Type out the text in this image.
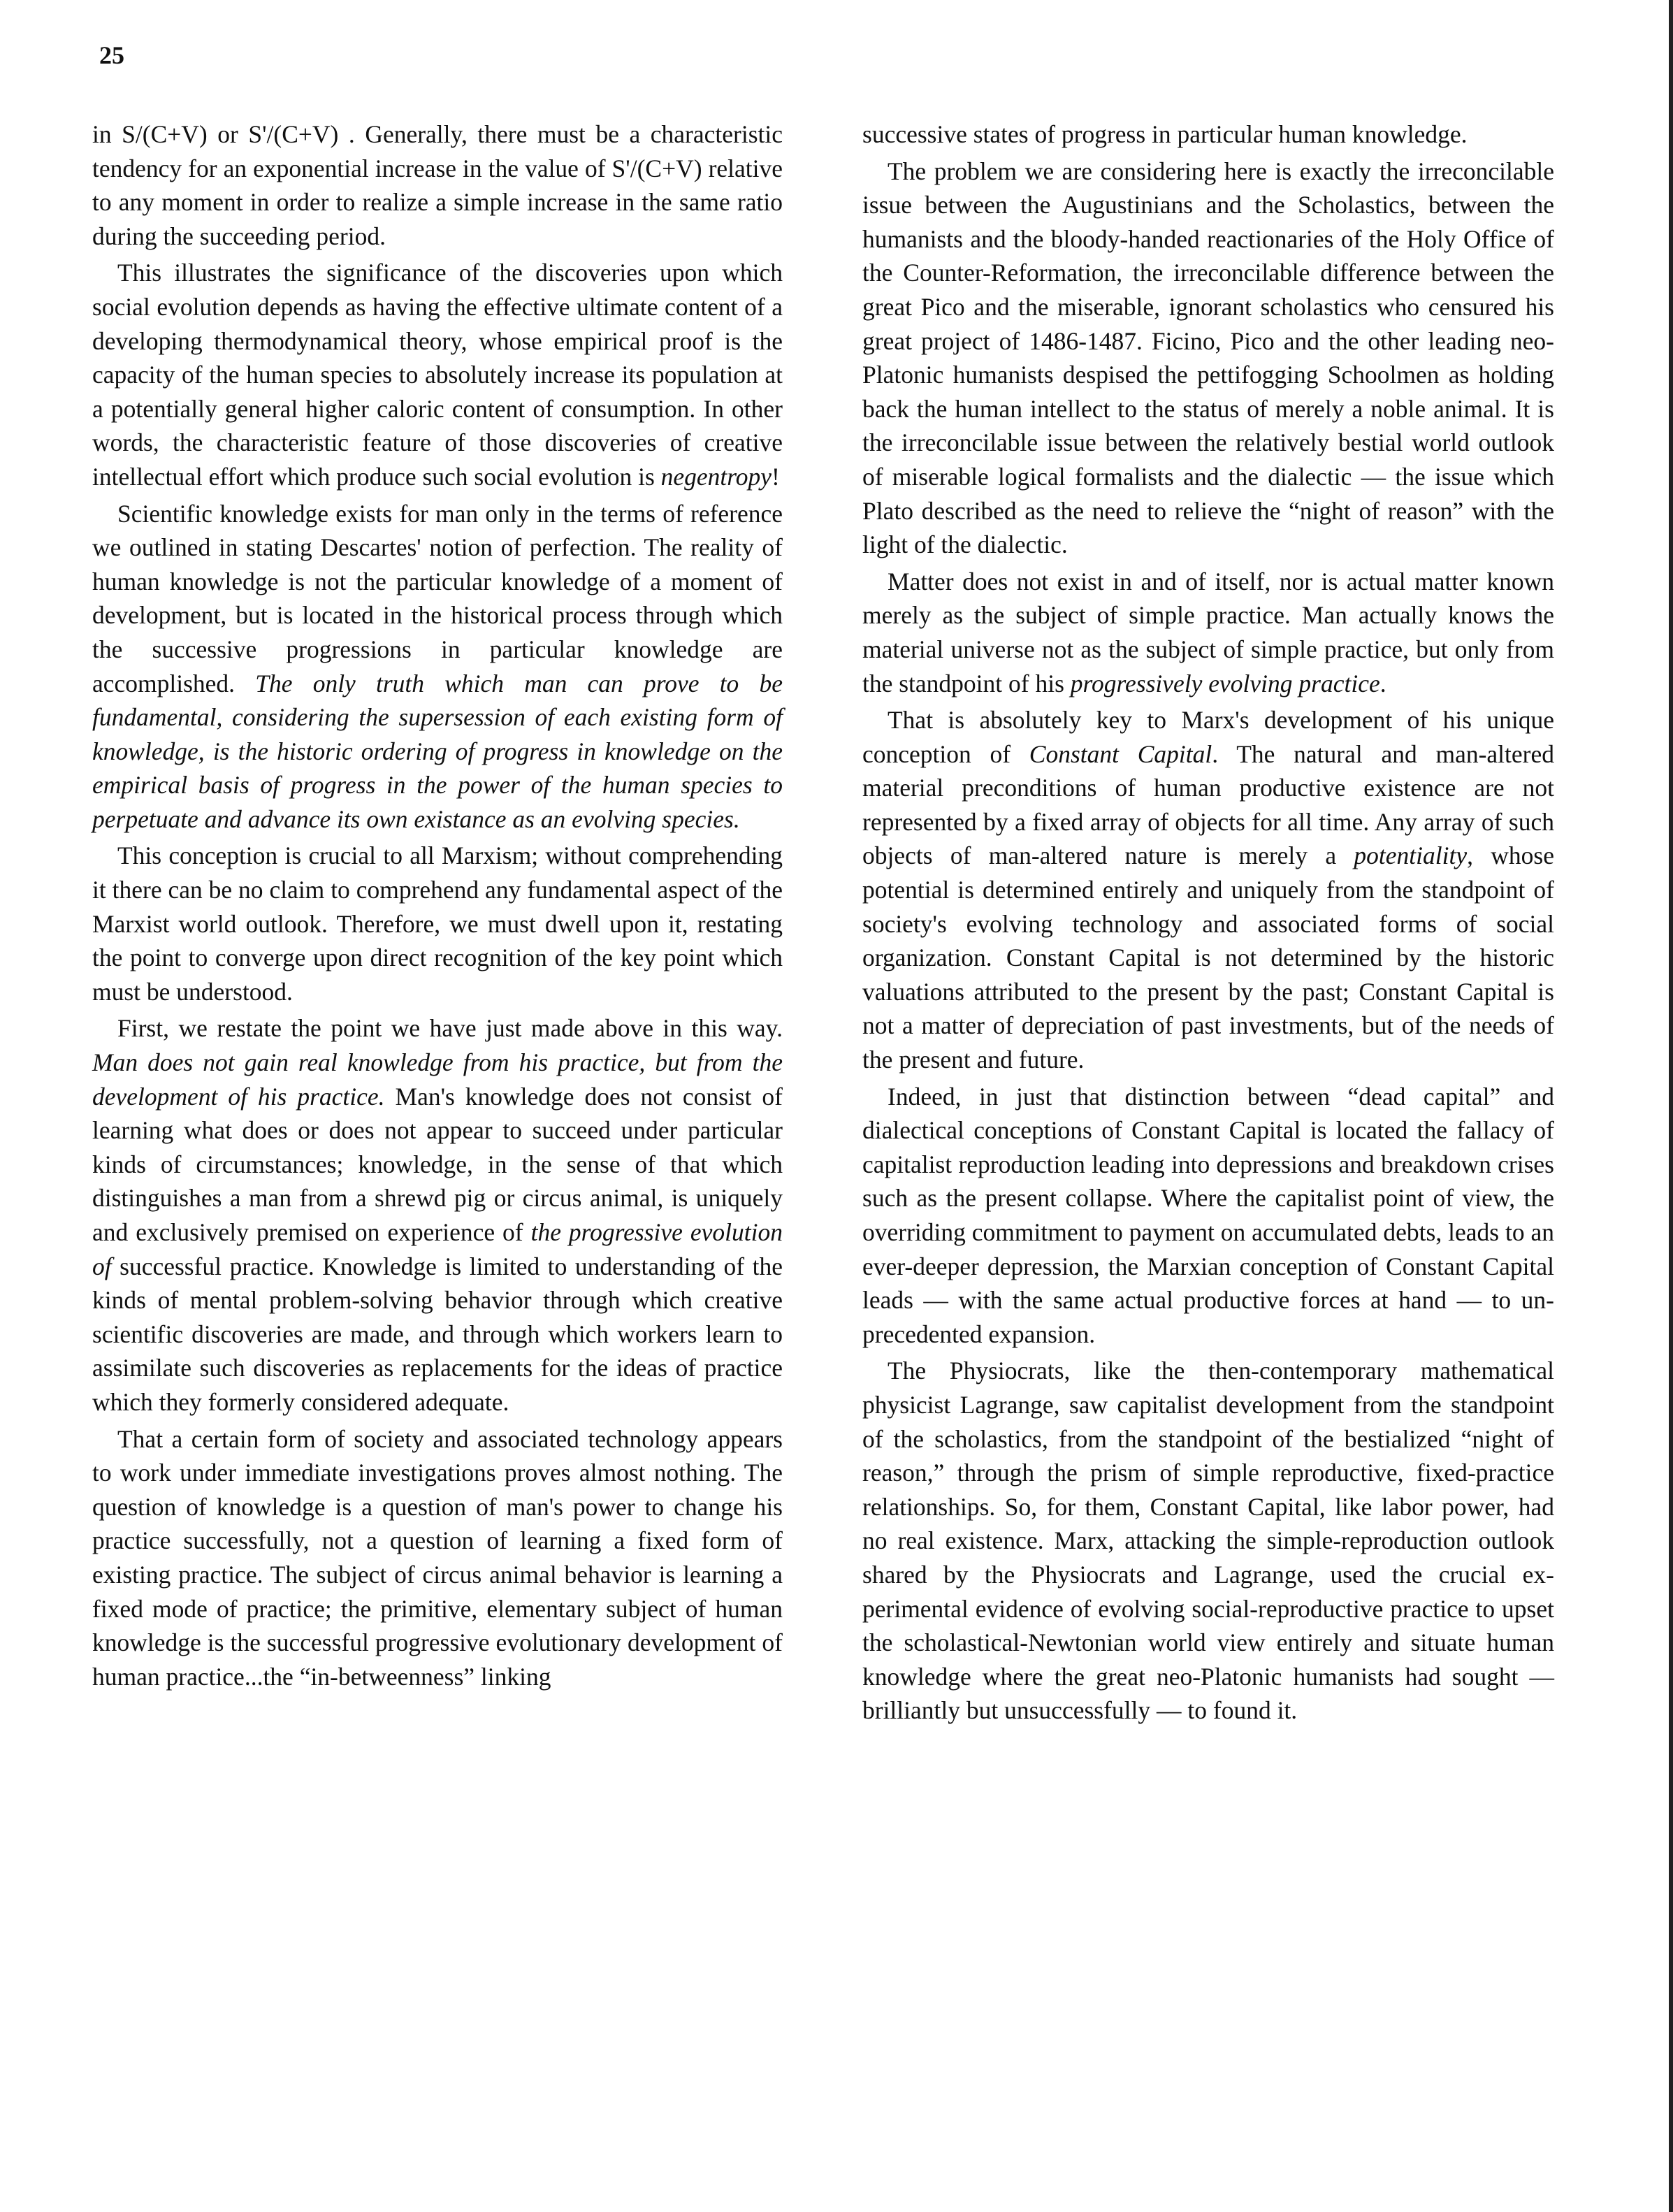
25

in S/(C+V) or S'/(C+V) . Generally, there must be a characteristic tendency for an exponential increase in the value of S'/(C+V) relative to any moment in order to realize a simple increase in the same ratio during the succeeding period.

This illustrates the significance of the discoveries upon which social evolution depends as having the effective ultimate content of a developing thermodynamical theory, whose empirical proof is the capacity of the human species to absolutely increase its population at a potentially general higher caloric content of consumption. In other words, the characteristic feature of those discoveries of creative intellectual effort which produce such social evolution is negentropy!

Scientific knowledge exists for man only in the terms of reference we outlined in stating Descartes' notion of perfection. The reality of human knowledge is not the particular knowledge of a moment of development, but is located in the historical process through which the successive progressions in particular knowledge are accomplished. The only truth which man can prove to be fundamental, considering the supersession of each existing form of knowledge, is the historic ordering of progress in knowledge on the empirical basis of progress in the power of the human species to perpetuate and advance its own existance as an evolving species.

This conception is crucial to all Marxism; without comprehending it there can be no claim to comprehend any fundamental aspect of the Marxist world outlook. Therefore, we must dwell upon it, restating the point to converge upon direct recognition of the key point which must be understood.

First, we restate the point we have just made above in this way. Man does not gain real knowledge from his practice, but from the development of his practice. Man's knowledge does not consist of learning what does or does not appear to succeed under particular kinds of circumstances; knowledge, in the sense of that which distinguishes a man from a shrewd pig or circus animal, is uniquely and exclusively premised on experience of the progressive evolution of successful practice. Knowledge is limited to understanding of the kinds of mental problem-solving behavior through which creative scientific discoveries are made, and through which workers learn to assimilate such discoveries as replacements for the ideas of practice which they formerly considered adequate.

That a certain form of society and associated technology appears to work under immediate investigations proves almost nothing. The question of knowledge is a question of man's power to change his practice successfully, not a question of learning a fixed form of existing practice. The subject of circus animal behavior is learning a fixed mode of practice; the primitive, elementary subject of human knowledge is the successful progressive evolutionary development of human practice...the “in-betweenness” linking

successive states of progress in particular human knowledge.

The problem we are considering here is exactly the irreconcilable issue between the Augustinians and the Scholastics, between the humanists and the bloody-handed reactionaries of the Holy Office of the Counter-Reformation, the irreconcilable difference between the great Pico and the miserable, ignorant scholastics who censured his great project of 1486-1487. Ficino, Pico and the other leading neo-Platonic humanists despised the pettifogging Schoolmen as holding back the human intellect to the status of merely a noble animal. It is the irreconcilable issue between the relatively bestial world outlook of miserable logical formalists and the dialectic — the issue which Plato described as the need to relieve the “night of reason” with the light of the dialectic.

Matter does not exist in and of itself, nor is actual matter known merely as the subject of simple practice. Man actually knows the material universe not as the subject of simple practice, but only from the standpoint of his progressively evolving practice.

That is absolutely key to Marx's development of his unique conception of Constant Capital. The natural and man-altered material preconditions of human productive existence are not represented by a fixed array of objects for all time. Any array of such objects of man-altered nature is merely a potentiality, whose potential is determined entirely and uniquely from the standpoint of society's evolving technology and associated forms of social organization. Constant Capital is not determined by the historic valuations attributed to the present by the past; Constant Capital is not a matter of depreciation of past investments, but of the needs of the present and future.

Indeed, in just that distinction between “dead capital” and dialectical conceptions of Constant Capital is located the fallacy of capitalist reproduction leading into depressions and breakdown crises such as the present collapse. Where the capitalist point of view, the overriding commitment to payment on accumulated debts, leads to an ever-deeper depression, the Marxian conception of Constant Capital leads — with the same actual productive forces at hand — to unprecedented expansion.

The Physiocrats, like the then-contemporary mathematical physicist Lagrange, saw capitalist development from the standpoint of the scholastics, from the standpoint of the bestialized “night of reason,” through the prism of simple reproductive, fixed-practice relationships. So, for them, Constant Capital, like labor power, had no real existence. Marx, attacking the simple-reproduction outlook shared by the Physiocrats and Lagrange, used the crucial experimental evidence of evolving social-reproductive practice to upset the scholastical-Newtonian world view entirely and situate human knowledge where the great neo-Platonic humanists had sought — brilliantly but unsuccessfully — to found it.
